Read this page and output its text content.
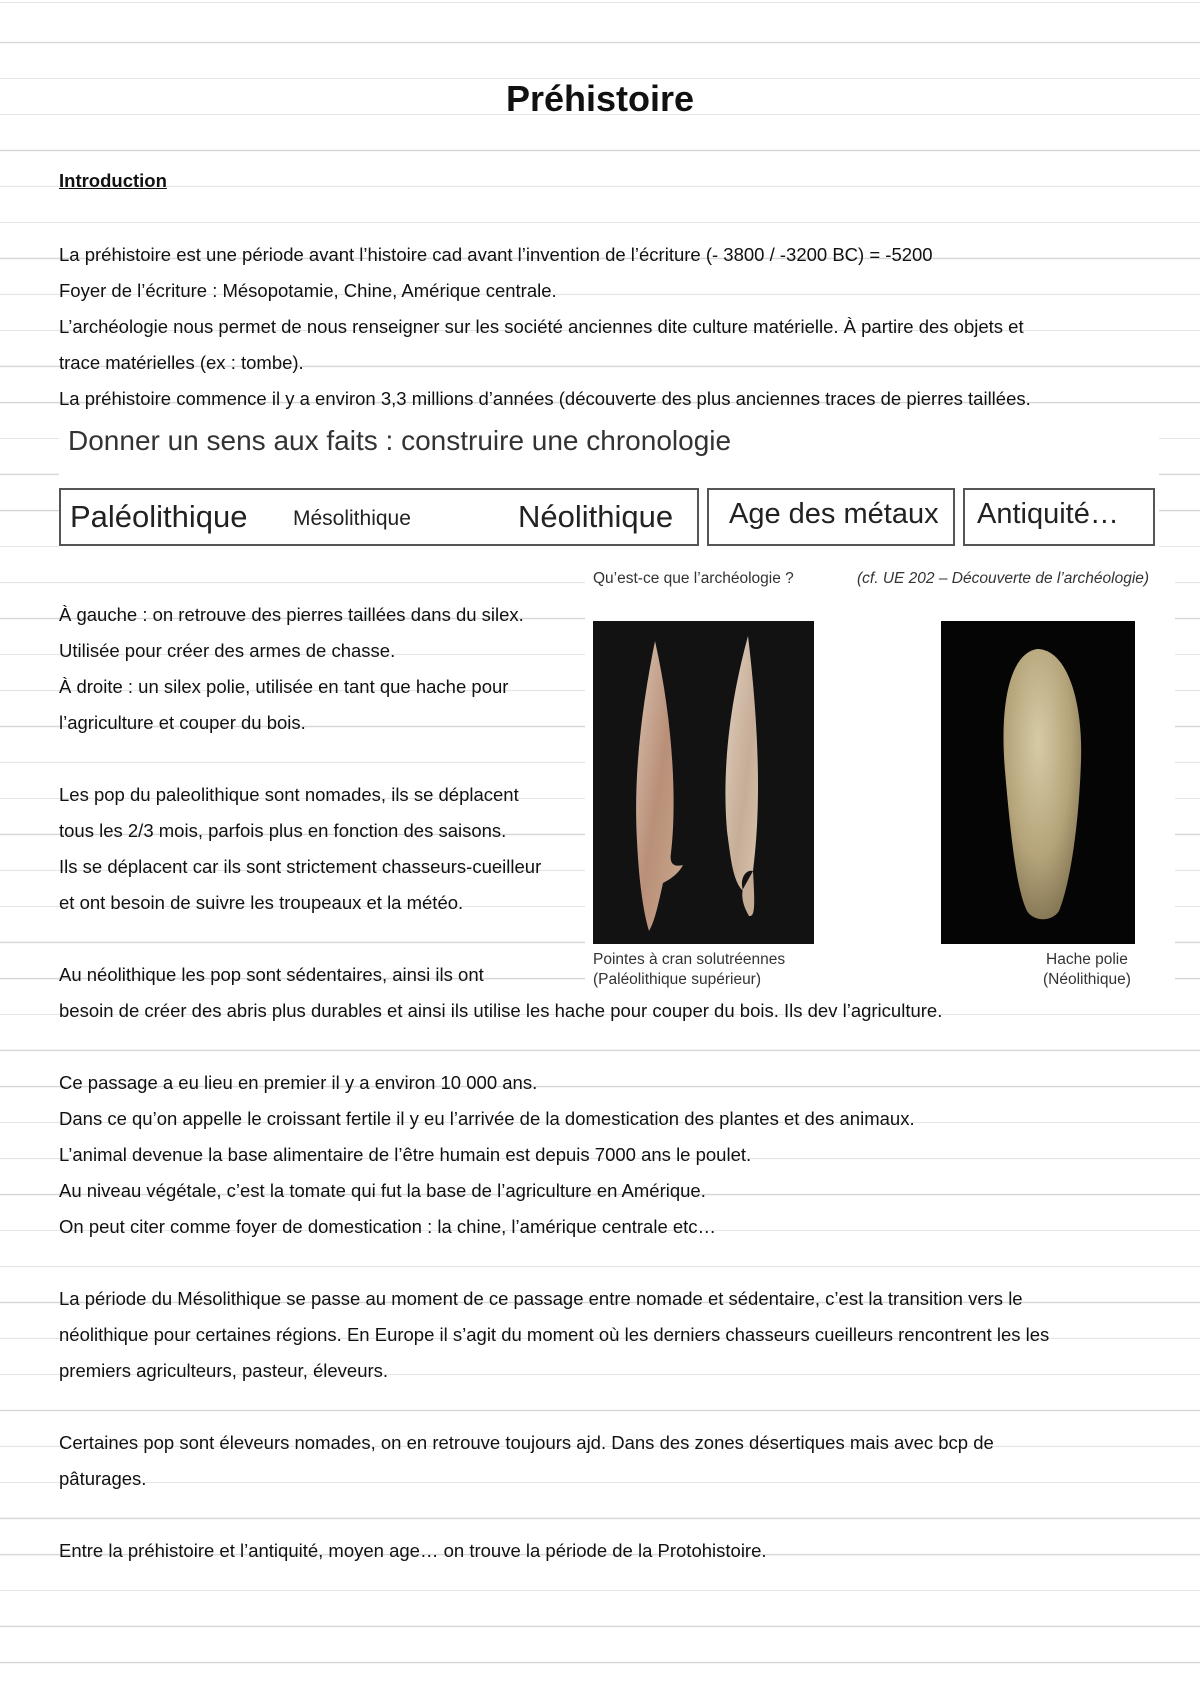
Préhistoire
Introduction
La préhistoire est une période avant l’histoire cad avant l’invention de l’écriture (- 3800 / -3200 BC) = -5200
Foyer de l’écriture : Mésopotamie, Chine, Amérique centrale.
L’archéologie nous permet de nous renseigner sur les société anciennes dite culture matérielle. À partire des objets et
trace matérielles (ex : tombe).
La préhistoire commence il y a environ 3,3 millions d’années (découverte des plus anciennes traces de pierres taillées.
Donner un sens aux faits : construire une chronologie
Paléolithique Mésolithique	Néolithique Age des métaux Antiquité…
Qu’est-ce que l’archéologie ?	(cf. UE 202 – Découverte de l’archéologie)
Pointes à cran solutréennes
(Paléolithique supérieur)
Hache polie
(Néolithique)
À gauche : on retrouve des pierres taillées dans du silex.
Utilisée pour créer des armes de chasse.
À droite : un silex polie, utilisée en tant que hache pour
l’agriculture et couper du bois.
Les pop du paleolithique sont nomades, ils se déplacent
tous les 2/3 mois, parfois plus en fonction des saisons.
Ils se déplacent car ils sont strictement chasseurs-cueilleur
et ont besoin de suivre les troupeaux et la météo.
Au néolithique les pop sont sédentaires, ainsi ils ont
besoin de créer des abris plus durables et ainsi ils utilise les hache pour couper du bois. Ils dev l’agriculture.
Ce passage a eu lieu en premier il y a environ 10 000 ans.
Dans ce qu’on appelle le croissant fertile il y eu l’arrivée de la domestication des plantes et des animaux.
L’animal devenue la base alimentaire de l’être humain est depuis 7000 ans le poulet.
Au niveau végétale, c’est la tomate qui fut la base de l’agriculture en Amérique.
On peut citer comme foyer de domestication : la chine, l’amérique centrale etc…
La période du Mésolithique se passe au moment de ce passage entre nomade et sédentaire, c’est la transition vers le
néolithique pour certaines régions. En Europe il s’agit du moment où les derniers chasseurs cueilleurs rencontrent les les
premiers agriculteurs, pasteur, éleveurs.
Certaines pop sont éleveurs nomades, on en retrouve toujours ajd. Dans des zones désertiques mais avec bcp de
pâturages.
Entre la préhistoire et l’antiquité, moyen age… on trouve la période de la Protohistoire.
